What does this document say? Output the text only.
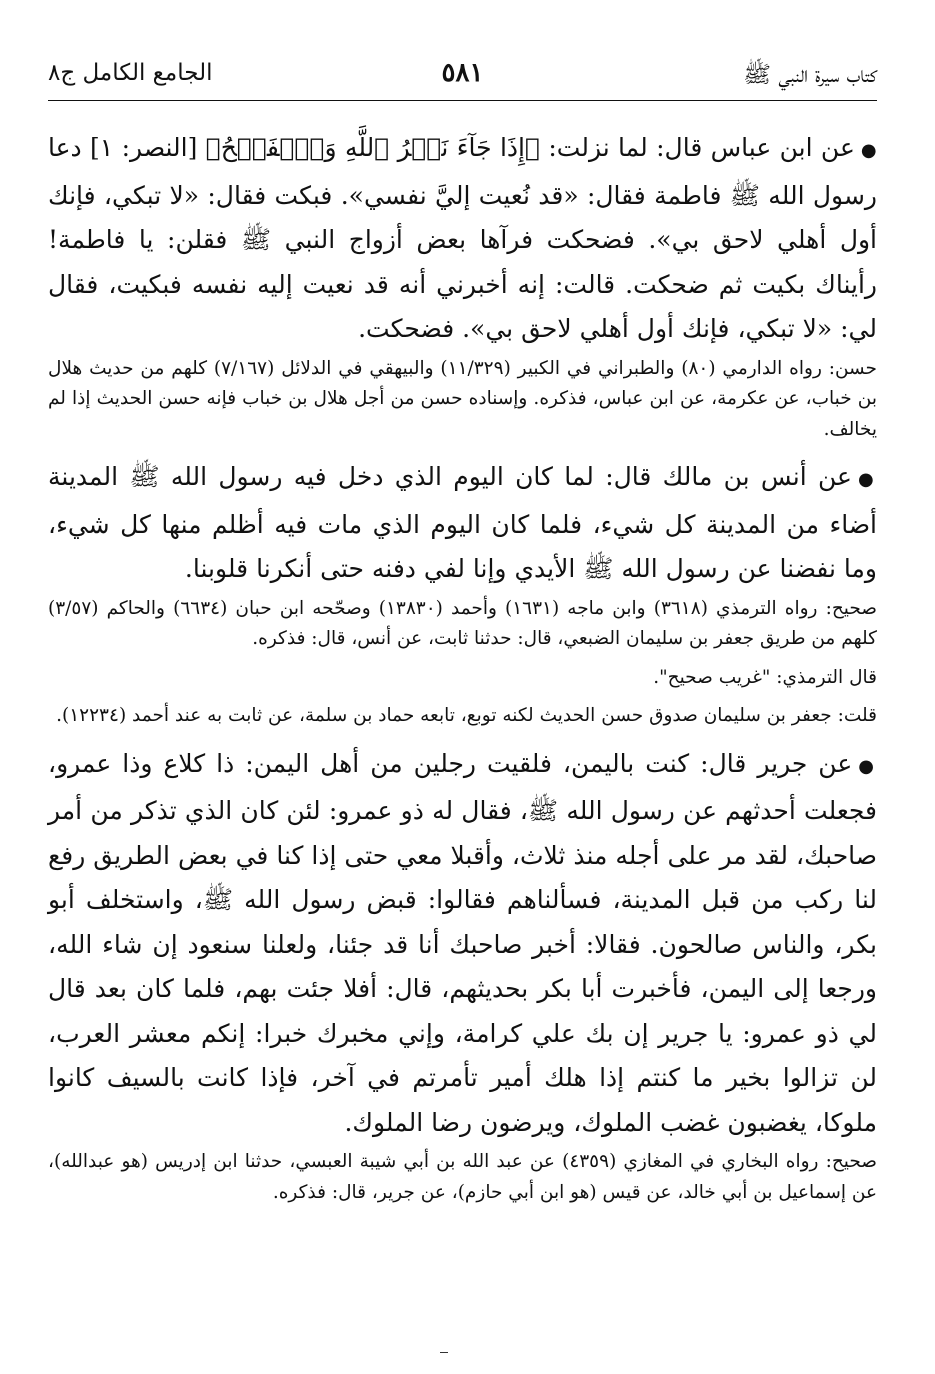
كتاب سيرة النبي ﷺ
٥٨١
الجامع الكامل ج٨

●عن ابن عباس قال: لما نزلت: ﴿إِذَا جَآءَ نَصۡرُ ٱللَّهِ وَٱلۡفَتۡحُ﴾ [النصر: ١] دعا رسول الله ﷺ فاطمة فقال: «قد نُعيت إليَّ نفسي». فبكت فقال: «لا تبكي، فإنك أول أهلي لاحق بي». فضحكت فرآها بعض أزواج النبي ﷺ فقلن: يا فاطمة! رأيناك بكيت ثم ضحكت. قالت: إنه أخبرني أنه قد نعيت إليه نفسه فبكيت، فقال لي: «لا تبكي، فإنك أول أهلي لاحق بي». فضحكت.

حسن: رواه الدارمي (٨٠) والطبراني في الكبير (١١/٣٢٩) والبيهقي في الدلائل (٧/١٦٧) كلهم من حديث هلال بن خباب، عن عكرمة، عن ابن عباس، فذكره. وإسناده حسن من أجل هلال بن خباب فإنه حسن الحديث إذا لم يخالف.

●عن أنس بن مالك قال: لما كان اليوم الذي دخل فيه رسول الله ﷺ المدينة أضاء من المدينة كل شيء، فلما كان اليوم الذي مات فيه أظلم منها كل شيء، وما نفضنا عن رسول الله ﷺ الأيدي وإنا لفي دفنه حتى أنكرنا قلوبنا.

صحيح: رواه الترمذي (٣٦١٨) وابن ماجه (١٦٣١) وأحمد (١٣٨٣٠) وصحّحه ابن حبان (٦٦٣٤) والحاكم (٣/٥٧) كلهم من طريق جعفر بن سليمان الضبعي، قال: حدثنا ثابت، عن أنس، قال: فذكره.

قال الترمذي: "غريب صحيح".

قلت: جعفر بن سليمان صدوق حسن الحديث لكنه توبع، تابعه حماد بن سلمة، عن ثابت به عند أحمد (١٢٢٣٤).

●عن جرير قال: كنت باليمن، فلقيت رجلين من أهل اليمن: ذا كلاع وذا عمرو، فجعلت أحدثهم عن رسول الله ﷺ، فقال له ذو عمرو: لئن كان الذي تذكر من أمر صاحبك، لقد مر على أجله منذ ثلاث، وأقبلا معي حتى إذا كنا في بعض الطريق رفع لنا ركب من قبل المدينة، فسألناهم فقالوا: قبض رسول الله ﷺ، واستخلف أبو بكر، والناس صالحون. فقالا: أخبر صاحبك أنا قد جئنا، ولعلنا سنعود إن شاء الله، ورجعا إلى اليمن، فأخبرت أبا بكر بحديثهم، قال: أفلا جئت بهم، فلما كان بعد قال لي ذو عمرو: يا جرير إن بك علي كرامة، وإني مخبرك خبرا: إنكم معشر العرب، لن تزالوا بخير ما كنتم إذا هلك أمير تأمرتم في آخر، فإذا كانت بالسيف كانوا ملوكا، يغضبون غضب الملوك، ويرضون رضا الملوك.

صحيح: رواه البخاري في المغازي (٤٣٥٩) عن عبد الله بن أبي شيبة العبسي، حدثنا ابن إدريس (هو عبدالله)، عن إسماعيل بن أبي خالد، عن قيس (هو ابن أبي حازم)، عن جرير، قال: فذكره.
